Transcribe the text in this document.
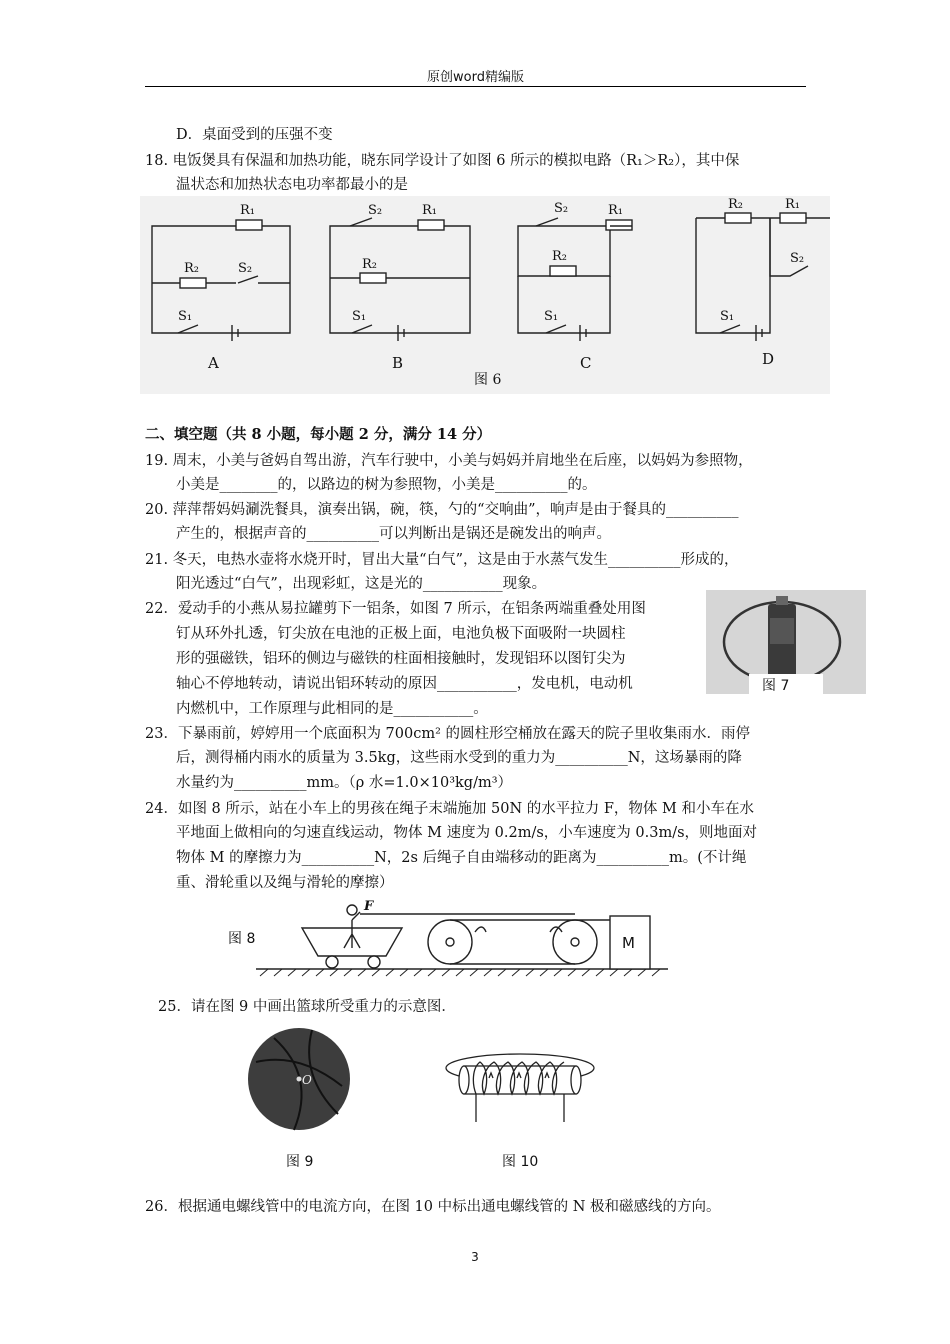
原创word精编版
D．桌面受到的压强不变
18. 电饭煲具有保温和加热功能，晓东同学设计了如图 6 所示的模拟电路（R₁＞R₂），其中保
温状态和加热状态电功率都最小的是
R₁
R₂	S₂
S₁
A
S₂	R₁
R₂
S₁
B
S₂	R₁
R₂
S₁
C
R₂	R₁
S₂
S₁
D
图 6
二、填空题（共 8 小题，每小题 2 分，满分 14 分）
19. 周末，小美与爸妈自驾出游，汽车行驶中，小美与妈妈并肩地坐在后座，以妈妈为参照物，
小美是________的，以路边的树为参照物，小美是__________的。
20. 萍萍帮妈妈涮洗餐具，演奏出锅，碗，筷，勺的“交响曲”，响声是由于餐具的__________
产生的，根据声音的__________可以判断出是锅还是碗发出的响声。
21. 冬天，电热水壶将水烧开时，冒出大量“白气”，这是由于水蒸气发生__________形成的，
阳光透过“白气”，出现彩虹，这是光的___________现象。
22．爱动手的小燕从易拉罐剪下一铝条，如图 7 所示，在铝条两端重叠处用图
钉从环外扎透，钉尖放在电池的正极上面，电池负极下面吸附一块圆柱
形的强磁铁，铝环的侧边与磁铁的柱面相接触时，发现铝环以图钉尖为
轴心不停地转动，请说出铝环转动的原因___________，发电机，电动机
内燃机中，工作原理与此相同的是___________。
图 7
23．下暴雨前，婷婷用一个底面积为 700cm² 的圆柱形空桶放在露天的院子里收集雨水．雨停
后，测得桶内雨水的质量为 3.5kg，这些雨水受到的重力为__________N，这场暴雨的降
水量约为__________mm。（ρ 水=1.0×10³kg/m³）
24．如图 8 所示，站在小车上的男孩在绳子末端施加 50N 的水平拉力 F，物体 M 和小车在水
平地面上做相向的匀速直线运动，物体 M 速度为 0.2m/s，小车速度为 0.3m/s，则地面对
物体 M 的摩擦力为__________N，2s 后绳子自由端移动的距离为__________m。(不计绳
重、滑轮重以及绳与滑轮的摩擦）
图 8
F
M
25．请在图 9 中画出篮球所受重力的示意图．
O
图 9	图 10
26．根据通电螺线管中的电流方向，在图 10 中标出通电螺线管的 N 极和磁感线的方向。
3
